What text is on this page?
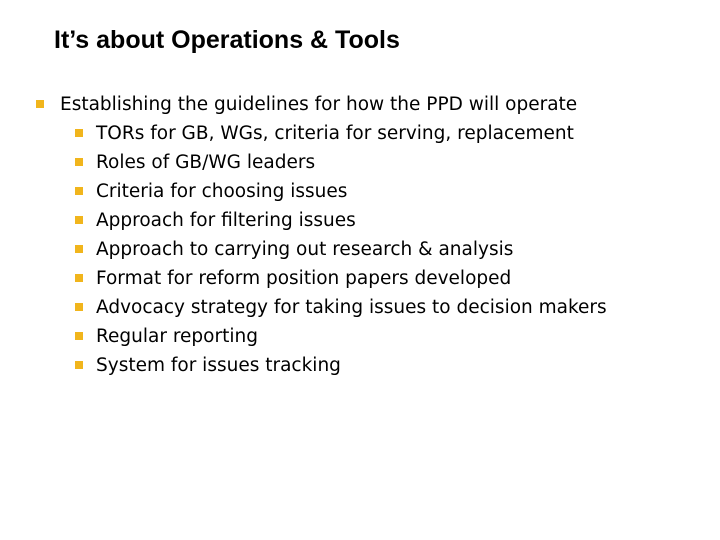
It’s about Operations & Tools
Establishing the guidelines for how the PPD will operate
TORs for GB, WGs, criteria for serving, replacement
Roles of GB/WG leaders
Criteria for choosing issues
Approach for filtering issues
Approach to carrying out research & analysis
Format for reform position papers developed
Advocacy strategy for taking issues to decision makers
Regular reporting
System for issues tracking
